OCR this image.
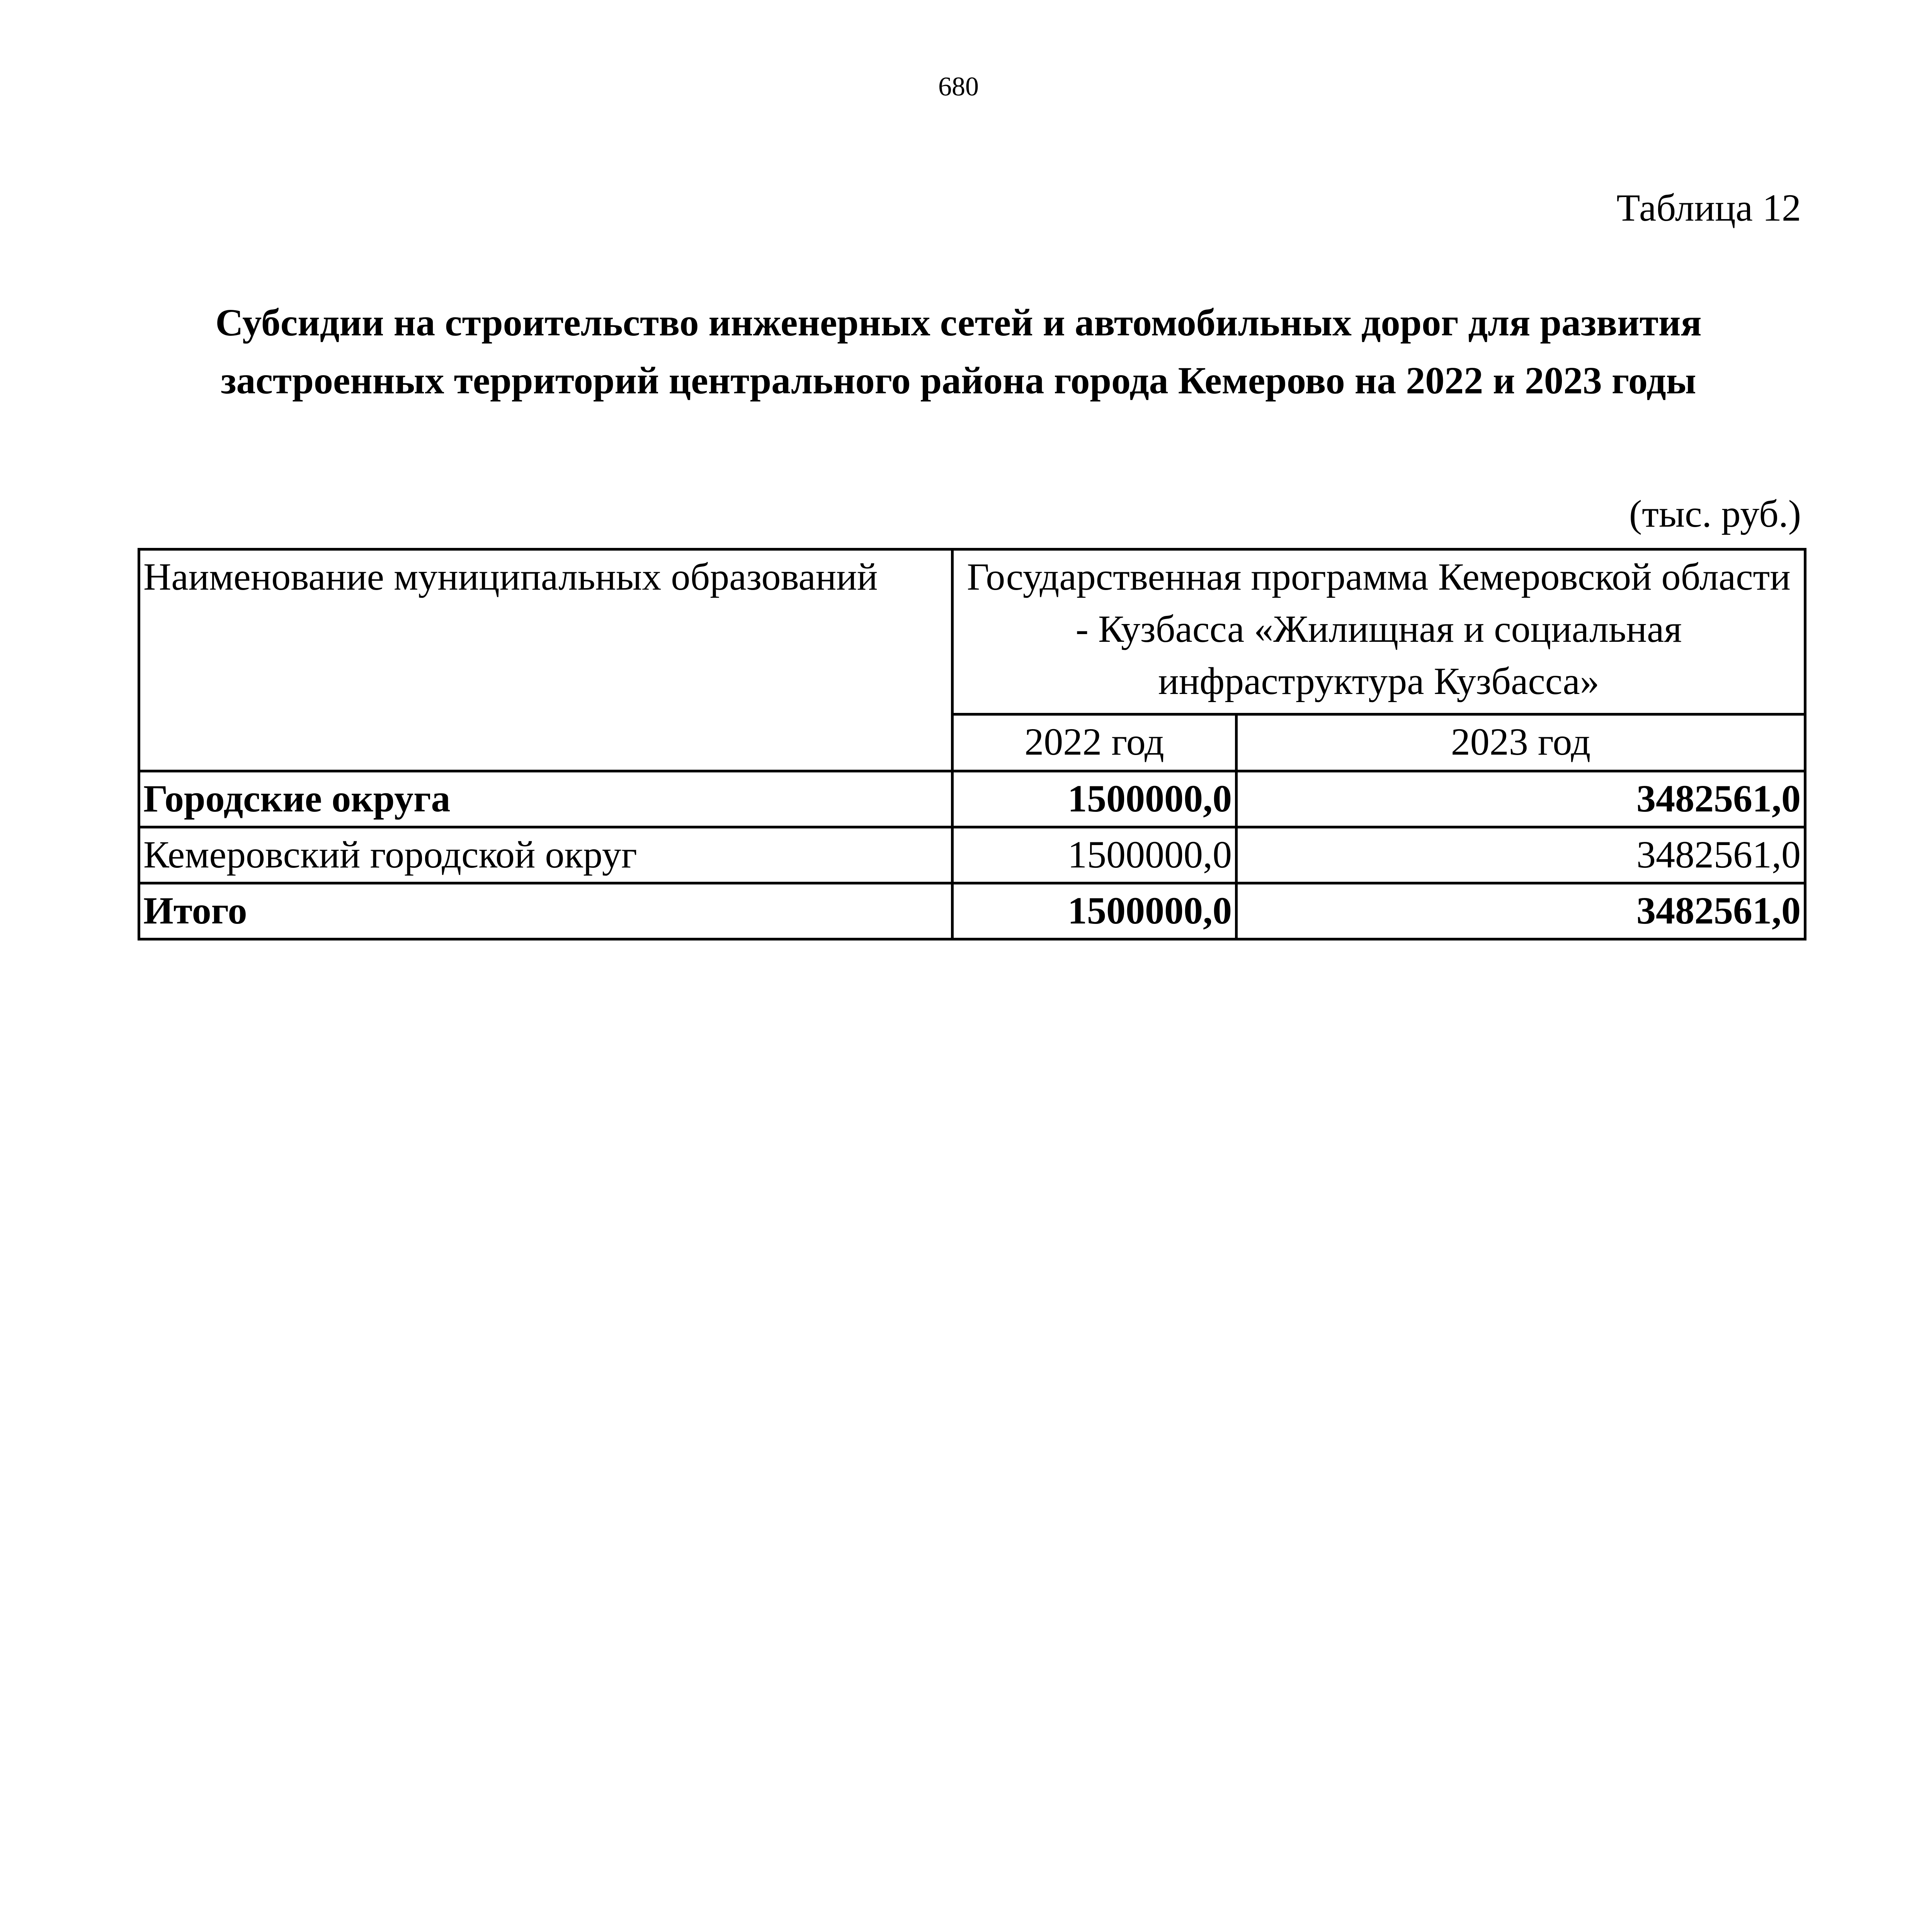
680
Таблица 12
Субсидии на строительство инженерных сетей и автомобильных дорог для развития
застроенных территорий центрального района города Кемерово на 2022 и 2023 годы
(тыс. руб.)
Наименование муниципальных образований	Государственная программа Кемеровской области - Кузбасса «Жилищная и социальная инфраструктура Кузбасса»	
	2022 год	2023 год
Городские округа	1500000,0	3482561,0
Кемеровский городской округ	1500000,0	3482561,0
Итого	1500000,0	3482561,0
